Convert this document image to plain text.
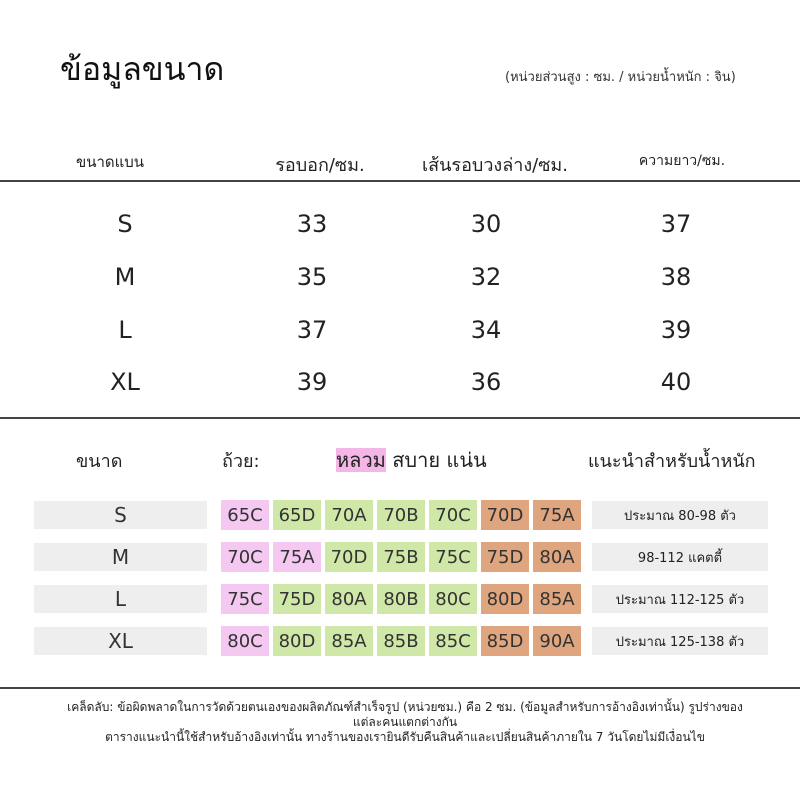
ข้อมูลขนาด	(หน่วยส่วนสูง : ซม. / หน่วยน้ำหนัก : จิน)
ขนาดแบน	รอบอก/ซม.	เส้นรอบวงล่าง/ซม.	ความยาว/ซม.
S	33	30	37
M	35	32	38
L	37	34	39
XL	39	36	40
ขนาด	ถ้วย:	หลวม สบาย แน่น	แนะนำสำหรับน้ำหนัก
S	65C 65D 70A 70B 70C 70D 75A	ประมาณ 80-98 ตัว
M	70C 75A 70D 75B 75C 75D 80A	98-112 แคตตี้
L	75C 75D 80A 80B 80C 80D 85A	ประมาณ 112-125 ตัว
XL	80C 80D 85A 85B 85C 85D 90A	ประมาณ 125-138 ตัว
เคล็ดลับ: ข้อผิดพลาดในการวัดด้วยตนเองของผลิตภัณฑ์สำเร็จรูป (หน่วยซม.) คือ 2 ซม. (ข้อมูลสำหรับการอ้างอิงเท่านั้น) รูปร่างของแต่ละคนแตกต่างกัน
ตารางแนะนำนี้ใช้สำหรับอ้างอิงเท่านั้น ทางร้านของเรายินดีรับคืนสินค้าและเปลี่ยนสินค้าภายใน 7 วันโดยไม่มีเงื่อนไข
